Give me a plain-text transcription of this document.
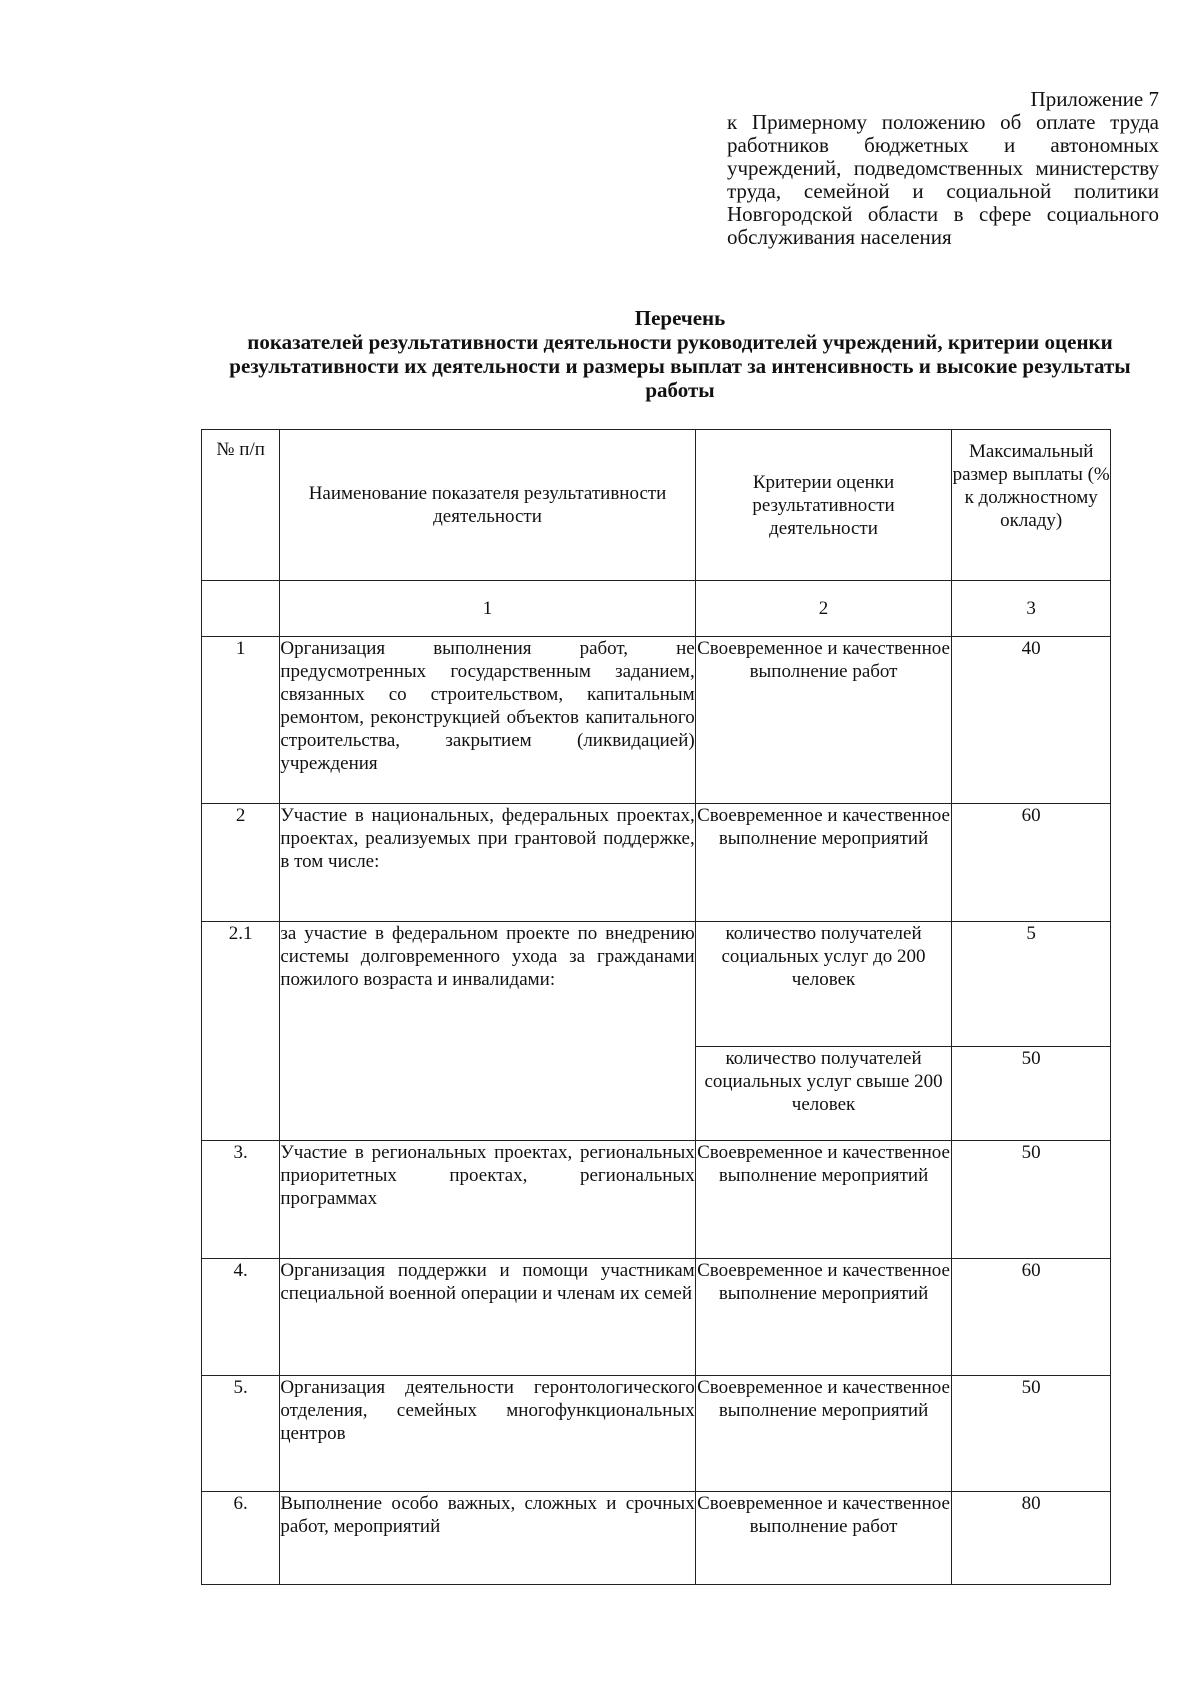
Приложение 7
к Примерному положению об оплате труда работников бюджетных и автономных учреждений, подведомственных министерству труда, семейной и социальной политики Новгородской области в сфере социального обслуживания населения
Перечень
показателей результативности деятельности руководителей учреждений, критерии оценки результативности их деятельности и размеры выплат за интенсивность и высокие результаты работы
№ п/п	Наименование показателя результативности деятельности	Критерии оценки результативности деятельности	Максимальный размер выплаты (% к должностному окладу)

	1	2	3
1	Организация выполнения работ, не предусмотренных государственным заданием, связанных со строительством, капитальным ремонтом, реконструкцией объектов капитального строительства, закрытием (ликвидацией) учреждения	Своевременное и качественное выполнение работ	40
2	Участие в национальных, федеральных проектах, проектах, реализуемых при грантовой поддержке, в том числе:	Своевременное и качественное выполнение мероприятий	60
2.1	за участие в федеральном проекте по внедрению системы долговременного ухода за гражданами пожилого возраста и инвалидами:	количество получателей социальных услуг до 200 человек	5
		количество получателей социальных услуг свыше 200 человек	50
3.	Участие в региональных проектах, региональных приоритетных проектах, региональных программах	Своевременное и качественное выполнение мероприятий	50
4.	Организация поддержки и помощи участникам специальной военной операции и членам их семей	Своевременное и качественное выполнение мероприятий	60
5.	Организация деятельности геронтологического отделения, семейных многофункциональных центров	Своевременное и качественное выполнение мероприятий	50
6.	Выполнение особо важных, сложных и срочных работ, мероприятий	Своевременное и качественное выполнение работ	80
